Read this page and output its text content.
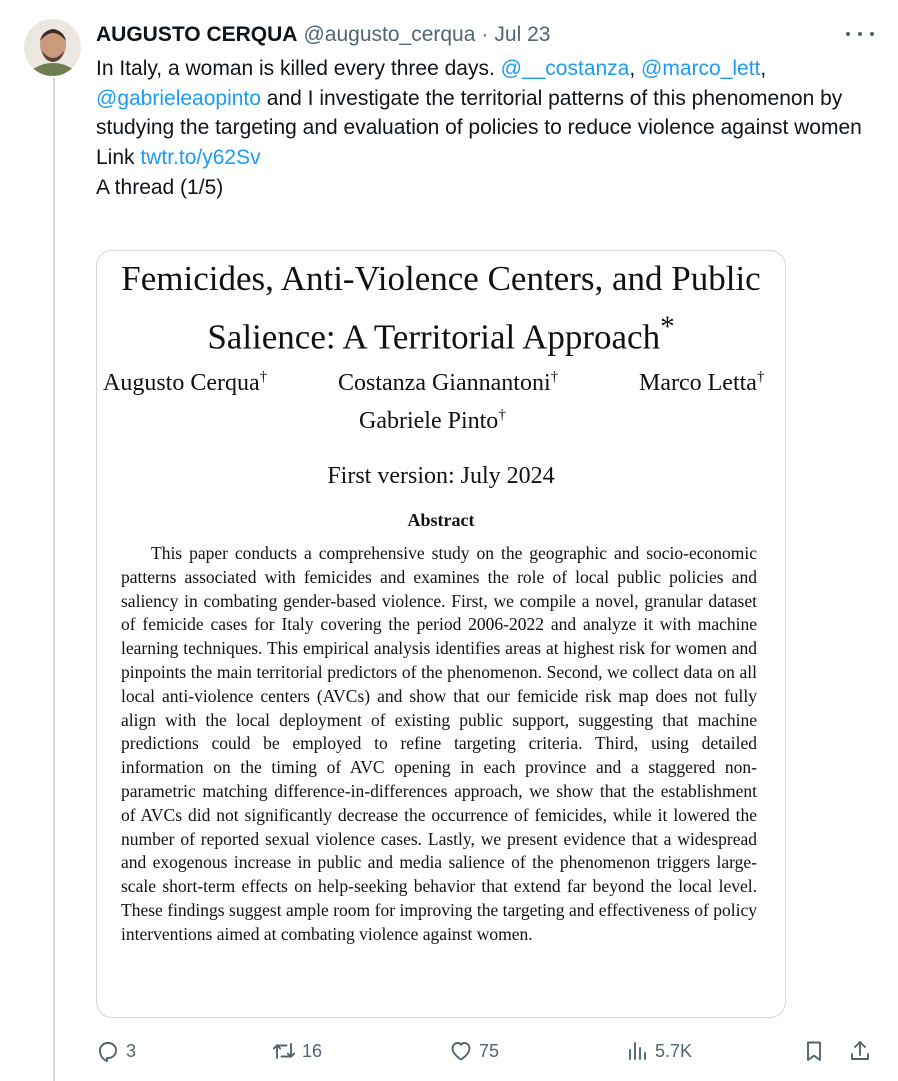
AUGUSTO CERQUA @augusto_cerqua · Jul 23

In Italy, a woman is killed every three days. @__costanza, @marco_lett,
@gabrieleaopinto and I investigate the territorial patterns of this phenomenon by studying the targeting and evaluation of policies to reduce violence against women

Link twtr.to/y62Sv

A thread (1/5)

Femicides, Anti-Violence Centers, and Public Salience: A Territorial Approach*
Augusto Cerqua†	Costanza Giannantoni†	Marco Letta†
Gabriele Pinto†
First version: July 2024
Abstract
This paper conducts a comprehensive study on the geographic and socio-economic patterns associated with femicides and examines the role of local public policies and saliency in combating gender-based violence. First, we compile a novel, granular dataset of femicide cases for Italy covering the period 2006-2022 and analyze it with machine learning techniques. This empirical analysis identifies areas at highest risk for women and pinpoints the main territorial predictors of the phenomenon. Second, we collect data on all local anti-violence centers (AVCs) and show that our femicide risk map does not fully align with the local deployment of existing public support, suggesting that machine predictions could be employed to refine targeting criteria. Third, using detailed information on the timing of AVC opening in each province and a staggered non-parametric matching difference-in-differences approach, we show that the establishment of AVCs did not significantly decrease the occurrence of femicides, while it lowered the number of reported sexual violence cases. Lastly, we present evidence that a widespread and exogenous increase in public and media salience of the phenomenon triggers large-scale short-term effects on help-seeking behavior that extend far beyond the local level. These findings suggest ample room for improving the targeting and effectiveness of policy interventions aimed at combating violence against women.
3	16	75	5.7K
